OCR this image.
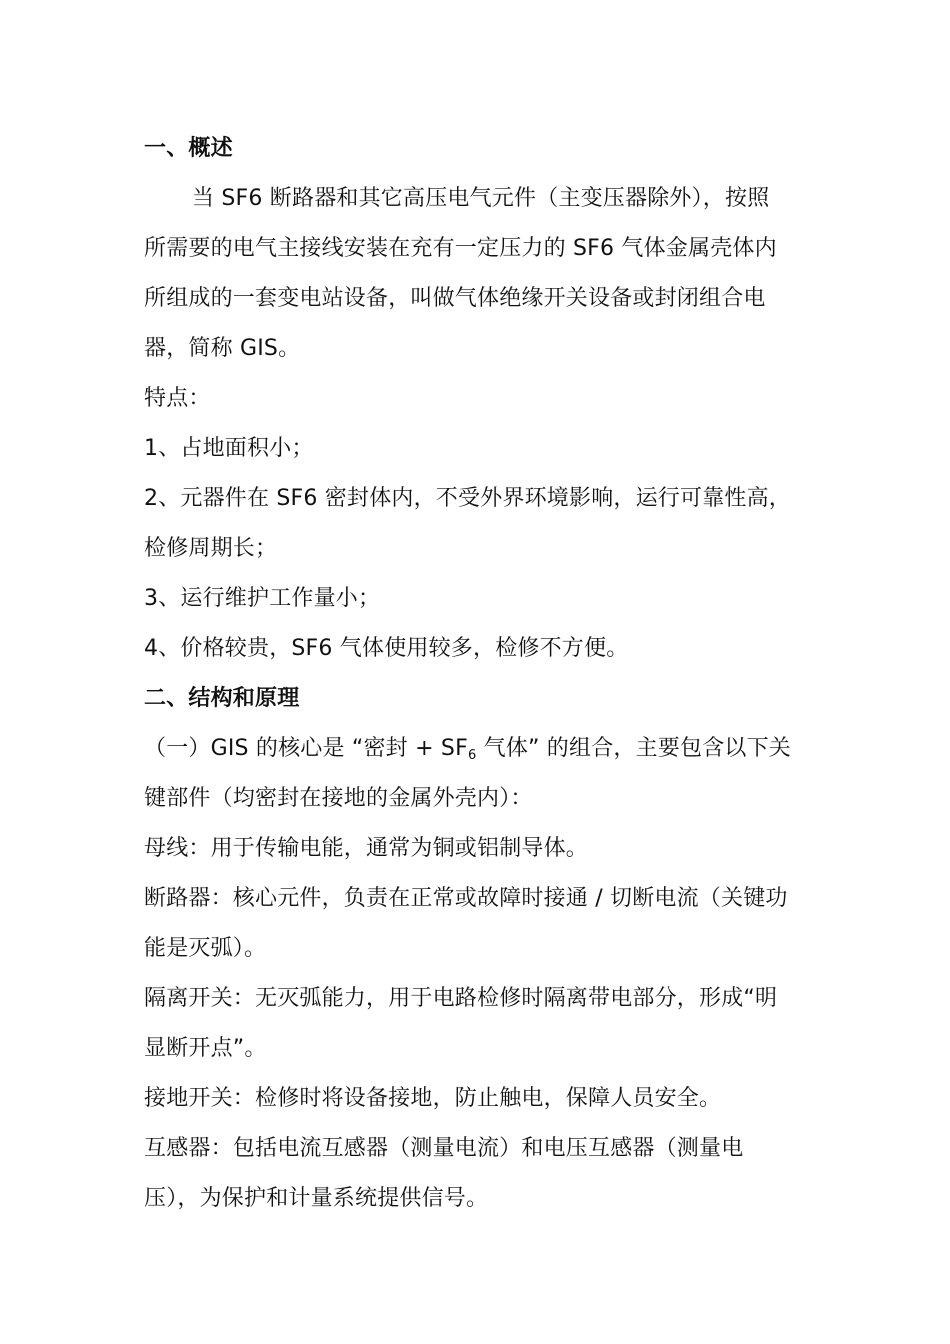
一、概述
当 SF6 断路器和其它高压电气元件（主变压器除外），按照
所需要的电气主接线安装在充有一定压力的 SF6 气体金属壳体内
所组成的一套变电站设备，叫做气体绝缘开关设备或封闭组合电
器，简称 GIS。
特点：
1、占地面积小；
2、元器件在 SF6 密封体内，不受外界环境影响，运行可靠性高，
检修周期长；
3、运行维护工作量小；
4、价格较贵，SF6 气体使用较多，检修不方便。
二、结构和原理
（一）GIS 的核心是 “密封 + $SF_6$ 气体” 的组合，主要包含以下关
键部件（均密封在接地的金属外壳内）：
母线：用于传输电能，通常为铜或铝制导体。
断路器：核心元件，负责在正常或故障时接通 / 切断电流（关键功
能是灭弧）。
隔离开关：无灭弧能力，用于电路检修时隔离带电部分，形成“明
显断开点”。
接地开关：检修时将设备接地，防止触电，保障人员安全。
互感器：包括电流互感器（测量电流）和电压互感器（测量电
压），为保护和计量系统提供信号。
